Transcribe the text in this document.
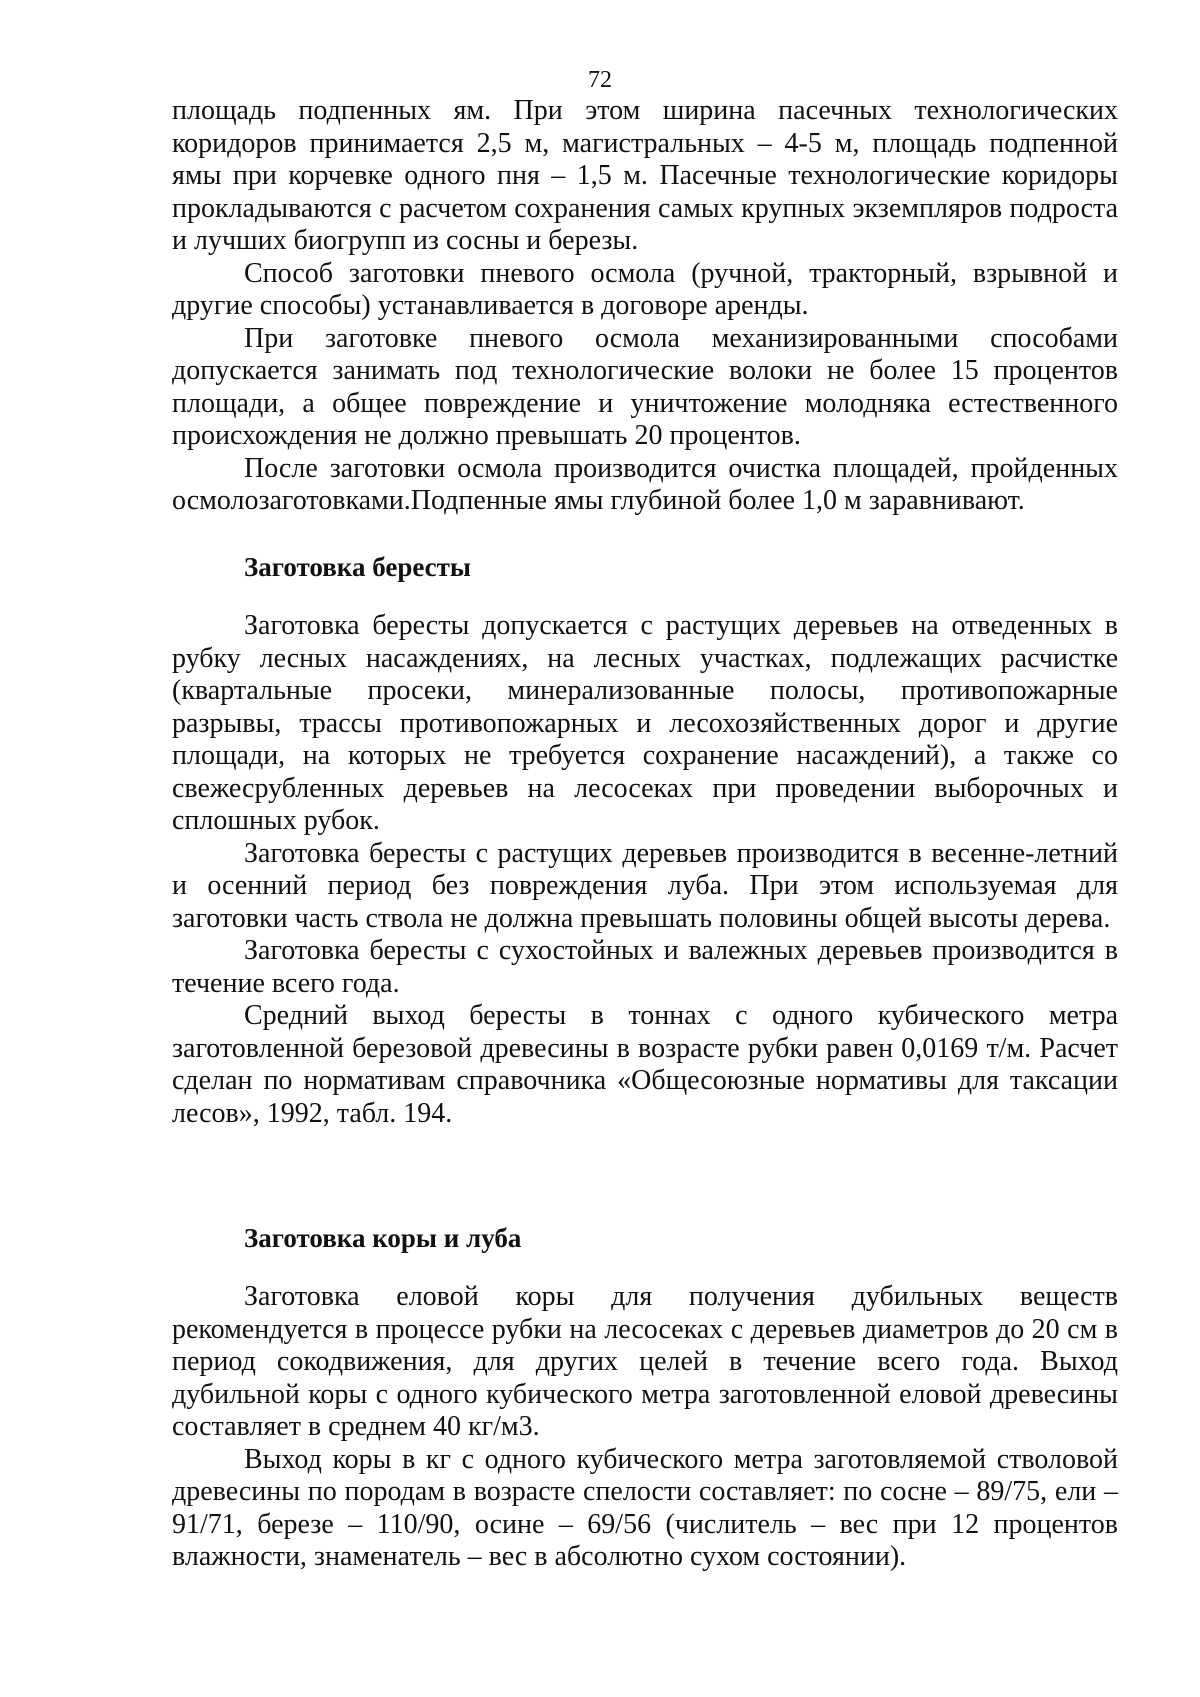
72

площадь подпенных ям. При этом ширина пасечных технологических коридоров принимается 2,5 м, магистральных – 4-5 м, площадь подпенной ямы при корчевке одного пня – 1,5 м. Пасечные технологические коридоры прокладываются с расчетом сохранения самых крупных экземпляров подроста и лучших биогрупп из сосны и березы.

Способ заготовки пневого осмола (ручной, тракторный, взрывной и другие способы) устанавливается в договоре аренды.

При заготовке пневого осмола механизированными способами допускается занимать под технологические волоки не более 15 процентов площади, а общее повреждение и уничтожение молодняка естественного происхождения не должно превышать 20 процентов.

После заготовки осмола производится очистка площадей, пройденных осмолозаготовками.Подпенные ямы глубиной более 1,0 м заравнивают.

Заготовка бересты

Заготовка бересты допускается с растущих деревьев на отведенных в рубку лесных насаждениях, на лесных участках, подлежащих расчистке (квартальные просеки, минерализованные полосы, противопожарные разрывы, трассы противопожарных и лесохозяйственных дорог и другие площади, на которых не требуется сохранение насаждений), а также со свежесрубленных деревьев на лесосеках при проведении выборочных и сплошных рубок.

Заготовка бересты с растущих деревьев производится в весенне-летний и осенний период без повреждения луба. При этом используемая для заготовки часть ствола не должна превышать половины общей высоты дерева.

Заготовка бересты с сухостойных и валежных деревьев производится в течение всего года.

Средний выход бересты в тоннах с одного кубического метра заготовленной березовой древесины в возрасте рубки равен 0,0169 т/м. Расчет сделан по нормативам справочника «Общесоюзные нормативы для таксации лесов», 1992, табл. 194.

Заготовка коры и луба

Заготовка еловой коры для получения дубильных веществ рекомендуется в процессе рубки на лесосеках с деревьев диаметров до 20 см в период сокодвижения, для других целей в течение всего года. Выход дубильной коры с одного кубического метра заготовленной еловой древесины составляет в среднем 40 кг/м3.

Выход коры в кг с одного кубического метра заготовляемой стволовой древесины по породам в возрасте спелости составляет: по сосне – 89/75, ели – 91/71, березе – 110/90, осине – 69/56 (числитель – вес при 12 процентов влажности, знаменатель – вес в абсолютно сухом состоянии).
